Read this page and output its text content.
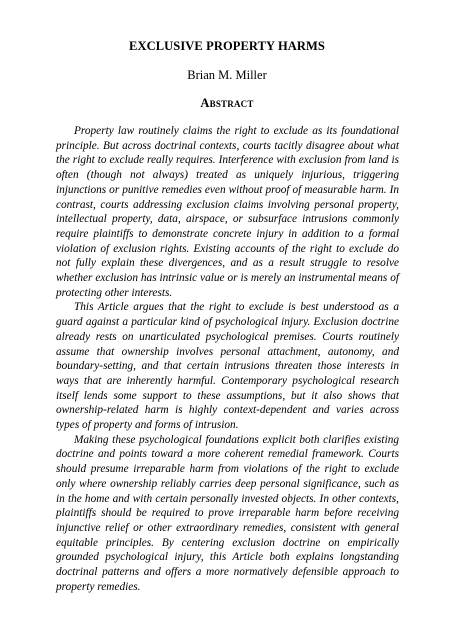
EXCLUSIVE PROPERTY HARMS
Brian M. Miller
Abstract

Property law routinely claims the right to exclude as its foundational principle. But across doctrinal contexts, courts tacitly disagree about what the right to exclude really requires. Interference with exclusion from land is often (though not always) treated as uniquely injurious, triggering injunctions or punitive remedies even without proof of measurable harm. In contrast, courts addressing exclusion claims involving personal property, intellectual property, data, airspace, or subsurface intrusions commonly require plaintiffs to demonstrate concrete injury in addition to a formal violation of exclusion rights. Existing accounts of the right to exclude do not fully explain these divergences, and as a result struggle to resolve whether exclusion has intrinsic value or is merely an instrumental means of protecting other interests.

This Article argues that the right to exclude is best understood as a guard against a particular kind of psychological injury. Exclusion doctrine already rests on unarticulated psychological premises. Courts routinely assume that ownership involves personal attachment, autonomy, and boundary-setting, and that certain intrusions threaten those interests in ways that are inherently harmful. Contemporary psychological research itself lends some support to these assumptions, but it also shows that ownership-related harm is highly context-dependent and varies across types of property and forms of intrusion.

Making these psychological foundations explicit both clarifies existing doctrine and points toward a more coherent remedial framework. Courts should presume irreparable harm from violations of the right to exclude only where ownership reliably carries deep personal significance, such as in the home and with certain personally invested objects. In other contexts, plaintiffs should be required to prove irreparable harm before receiving injunctive relief or other extraordinary remedies, consistent with general equitable principles. By centering exclusion doctrine on empirically grounded psychological injury, this Article both explains longstanding doctrinal patterns and offers a more normatively defensible approach to property remedies.
